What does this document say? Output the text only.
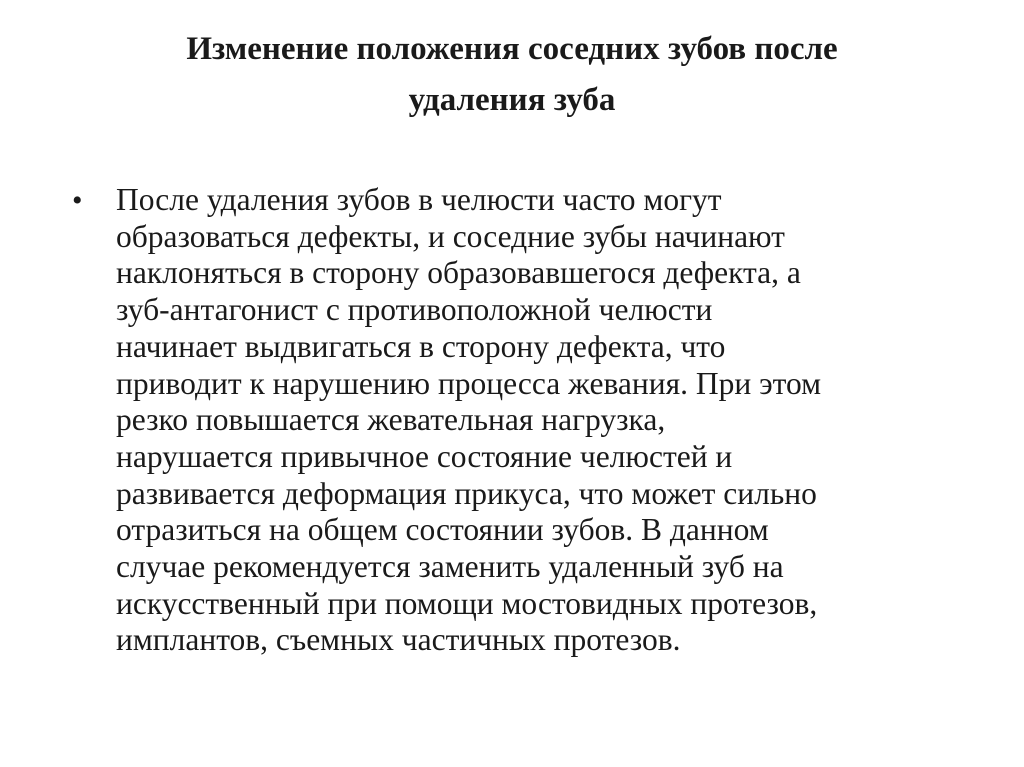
Изменение положения соседних зубов после
удаления зуба
• После удаления зубов в челюсти часто могут
образоваться дефекты, и соседние зубы начинают
наклоняться в сторону образовавшегося дефекта, а
зуб-антагонист с противоположной челюсти
начинает выдвигаться в сторону дефекта, что
приводит к нарушению процесса жевания. При этом
резко повышается жевательная нагрузка,
нарушается привычное состояние челюстей и
развивается деформация прикуса, что может сильно
отразиться на общем состоянии зубов. В данном
случае рекомендуется заменить удаленный зуб на
искусственный при помощи мостовидных протезов,
имплантов, съемных частичных протезов.
